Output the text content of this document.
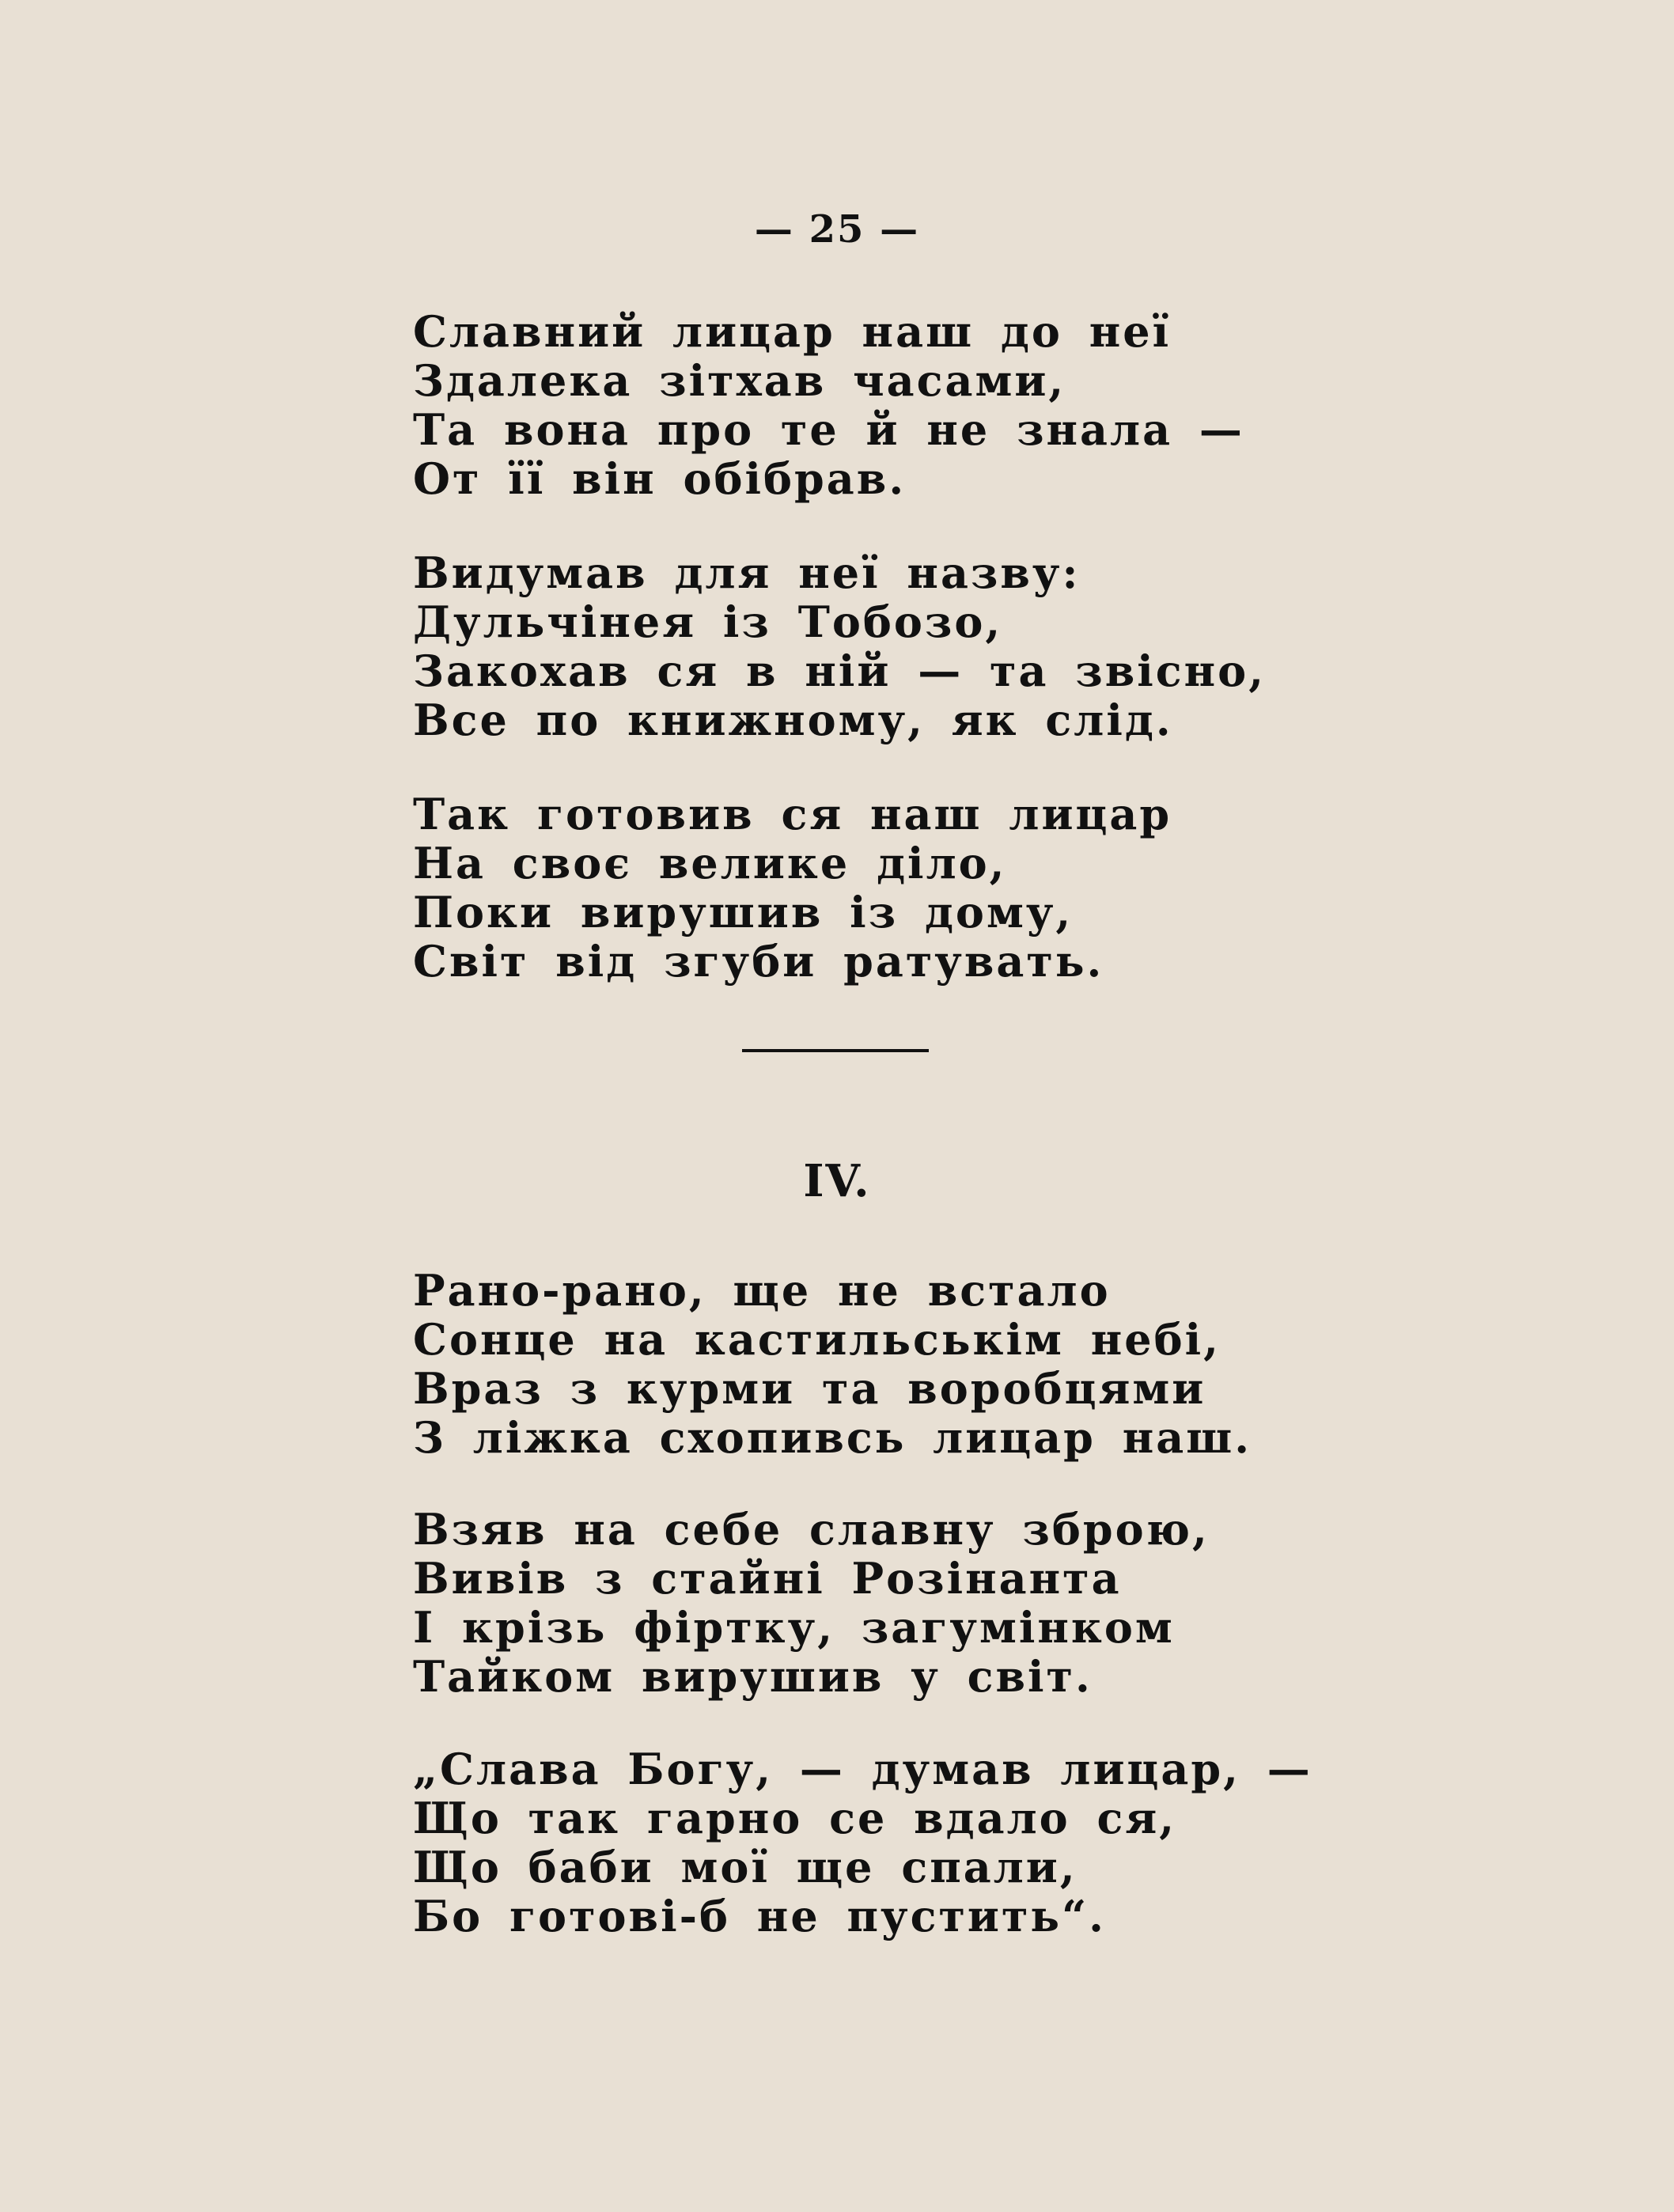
— 25 —
Славний лицар наш до неї
Здалека зітхав часами,
Та вона про те й не знала —
От її він обібрав.
Видумав для неї назву:
Дульчінея із Тобозо,
Закохав ся в ній — та звісно,
Все по книжному, як слід.
Так готовив ся наш лицар
На своє велике діло,
Поки вирушив із дому,
Світ від згуби ратувать.
IV.
Рано-рано, ще не встало
Сонце на кастильськім небі,
Враз з курми та воробцями
З ліжка схопивсь лицар наш.
Взяв на себе славну зброю,
Вивів з стайні Розінанта
І крізь фіртку, загумінком
Тайком вирушив у світ.
„Слава Богу, — думав лицар, —
Що так гарно се вдало ся,
Що баби мої ще спали,
Бо готові-б не пустить“.
